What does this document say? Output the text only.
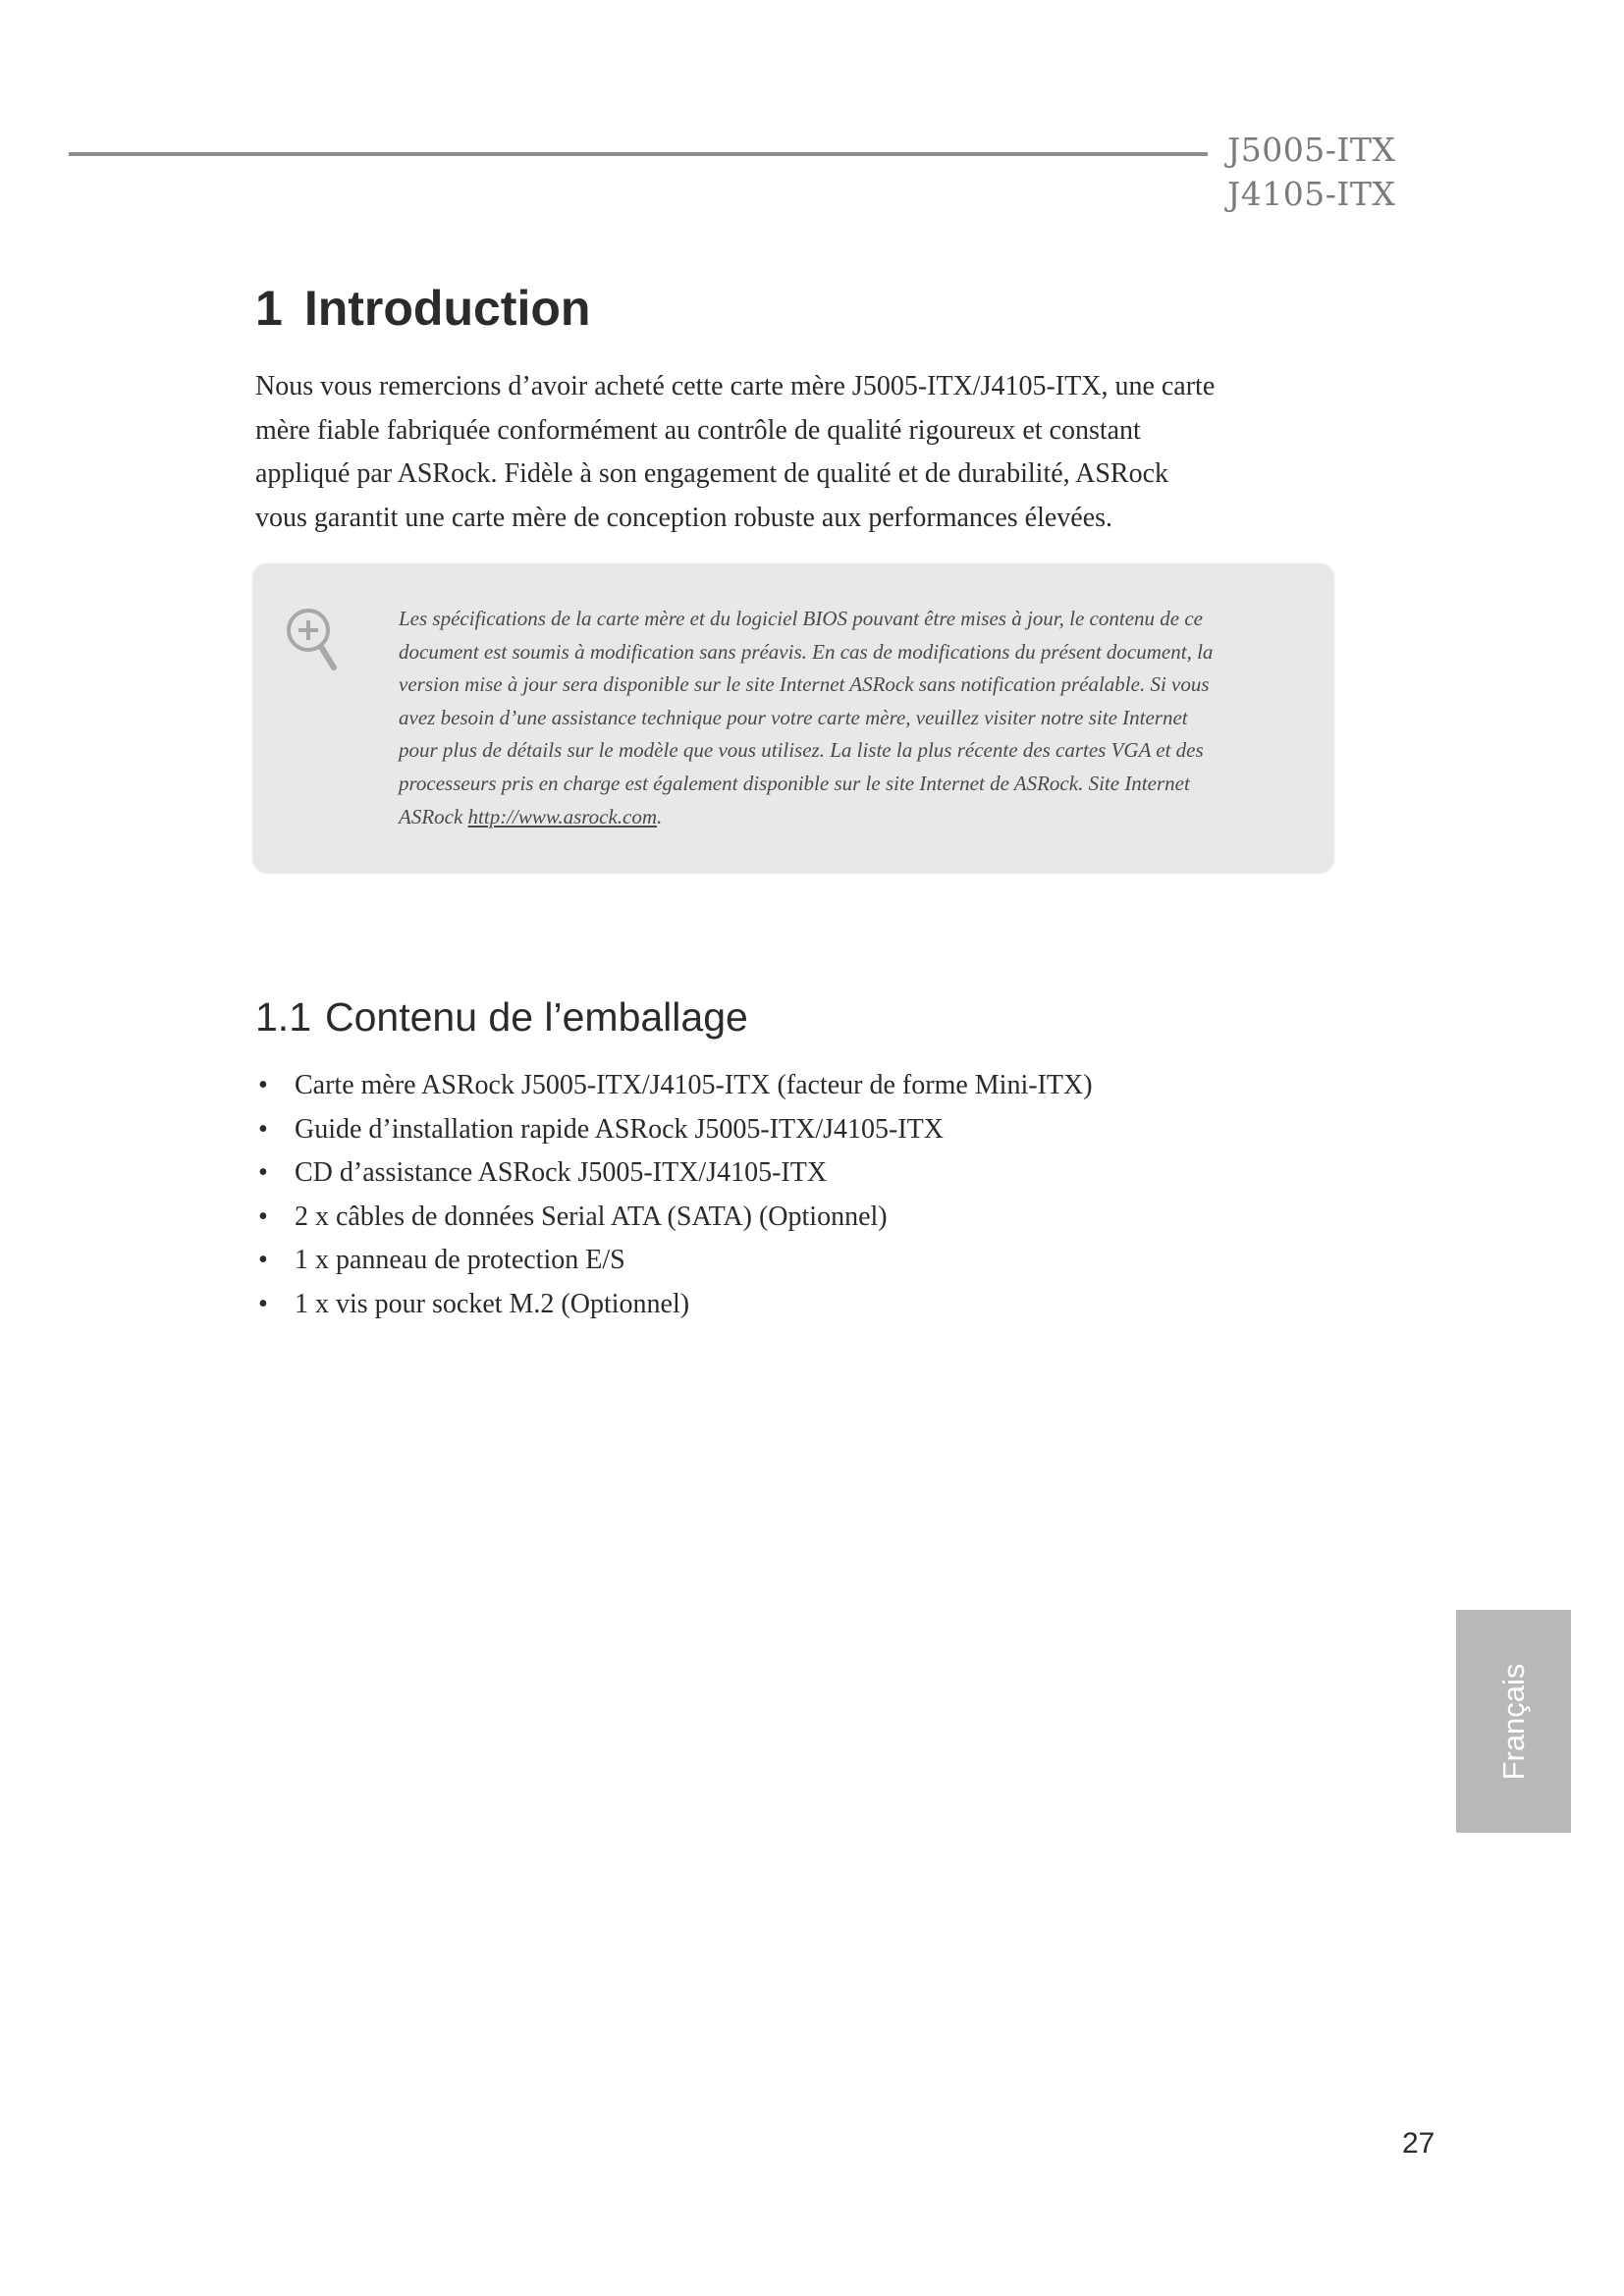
J5005-ITX
J4105-ITX
1 Introduction

Nous vous remercions d’avoir acheté cette carte mère J5005-ITX/J4105-ITX, une carte
mère fiable fabriquée conformément au contrôle de qualité rigoureux et constant
appliqué par ASRock. Fidèle à son engagement de qualité et de durabilité, ASRock
vous garantit une carte mère de conception robuste aux performances élevées.

Les spécifications de la carte mère et du logiciel BIOS pouvant être mises à jour, le contenu de ce
document est soumis à modification sans préavis. En cas de modifications du présent document, la
version mise à jour sera disponible sur le site Internet ASRock sans notification préalable. Si vous
avez besoin d’une assistance technique pour votre carte mère, veuillez visiter notre site Internet
pour plus de détails sur le modèle que vous utilisez. La liste la plus récente des cartes VGA et des
processeurs pris en charge est également disponible sur le site Internet de ASRock. Site Internet
ASRock http://www.asrock.com.

1.1 Contenu de l’emballage
• Carte mère ASRock J5005-ITX/J4105-ITX (facteur de forme Mini-ITX)
• Guide d’installation rapide ASRock J5005-ITX/J4105-ITX
• CD d’assistance ASRock J5005-ITX/J4105-ITX
• 2 x câbles de données Serial ATA (SATA) (Optionnel)
• 1 x panneau de protection E/S
• 1 x vis pour socket M.2 (Optionnel)
Français
27
